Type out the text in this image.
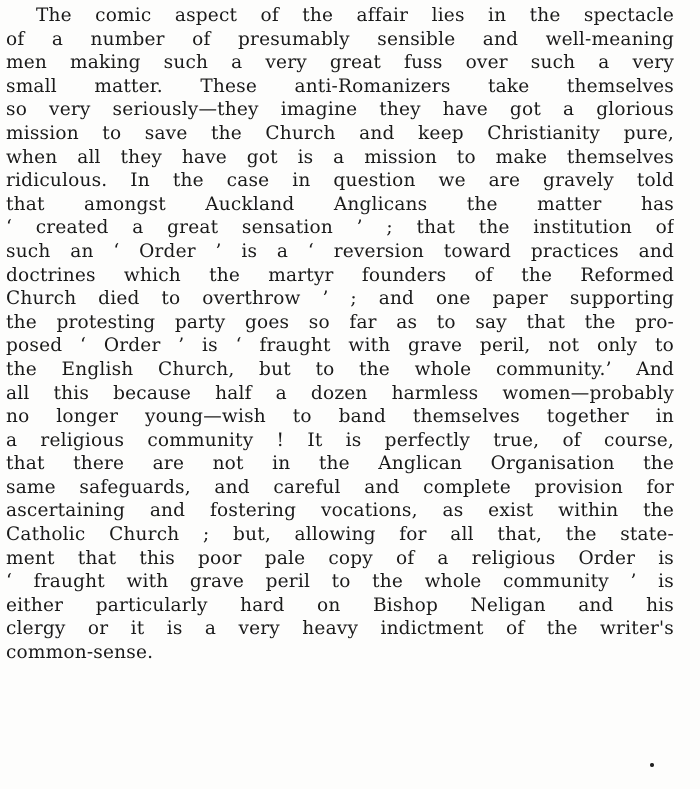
The comic aspect of the affair lies in the spectacle
of a number of presumably sensible and well-meaning
men making such a very great fuss over such a very
small matter. These anti-Romanizers take themselves
so very seriously—they imagine they have got a glorious
mission to save the Church and keep Christianity pure,
when all they have got is a mission to make themselves
ridiculous. In the case in question we are gravely told
that amongst Auckland Anglicans the matter has
‘ created a great sensation ’ ; that the institution of
such an ‘ Order ’ is a ‘ reversion toward practices and
doctrines which the martyr founders of the Reformed
Church died to overthrow ’ ; and one paper supporting
the protesting party goes so far as to say that the pro-
posed ‘ Order ’ is ‘ fraught with grave peril, not only to
the English Church, but to the whole community.’ And
all this because half a dozen harmless women—probably
no longer young—wish to band themselves together in
a religious community ! It is perfectly true, of course,
that there are not in the Anglican Organisation the
same safeguards, and careful and complete provision for
ascertaining and fostering vocations, as exist within the
Catholic Church ; but, allowing for all that, the state-
ment that this poor pale copy of a religious Order is
‘ fraught with grave peril to the whole community ’ is
either particularly hard on Bishop Neligan and his
clergy or it is a very heavy indictment of the writer's
common-sense.
